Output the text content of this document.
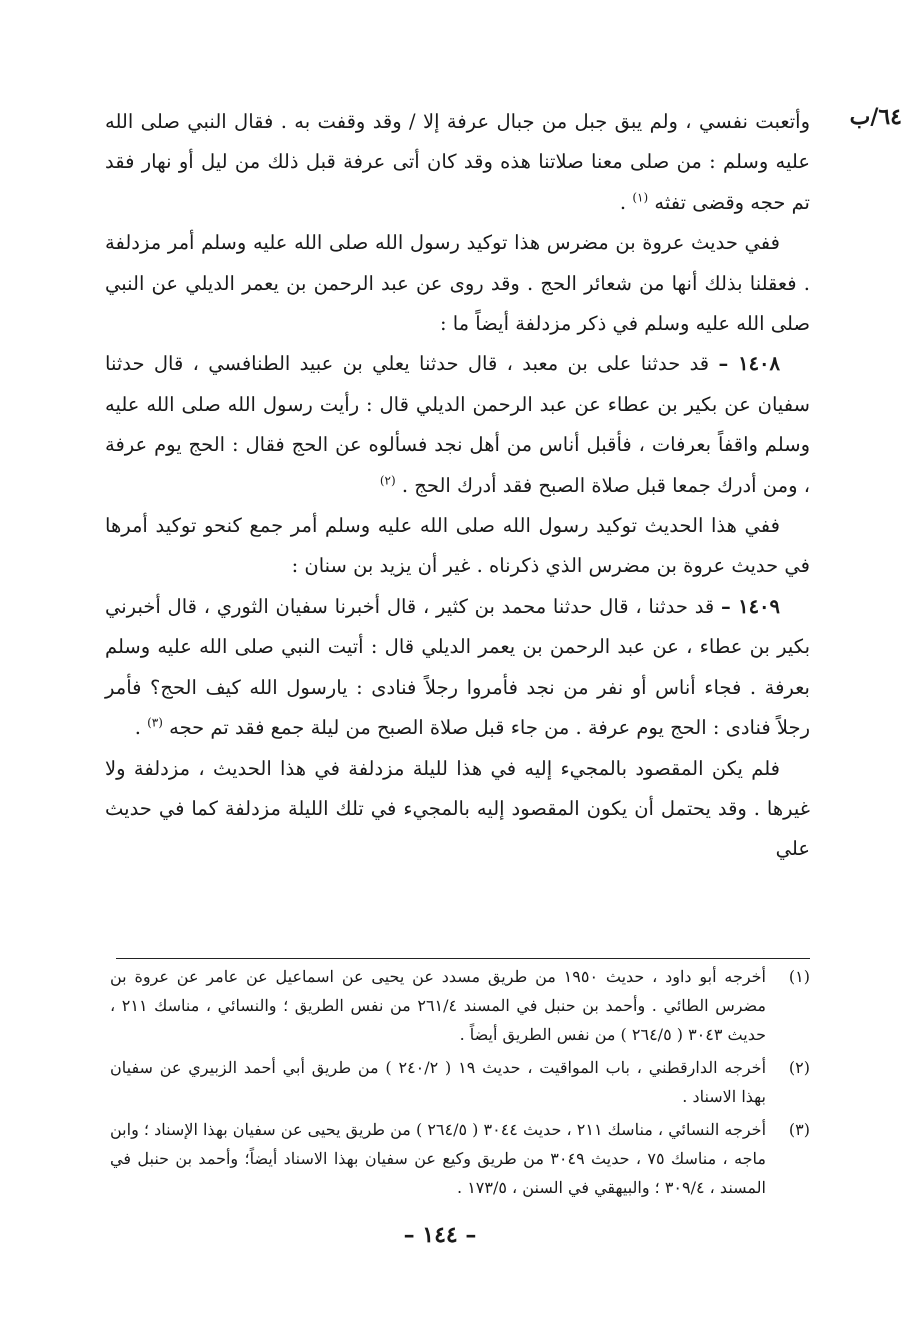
٦٤/ب

وأتعبت نفسي ، ولم يبق جبل من جبال عرفة إلا / وقد وقفت به . فقال النبي صلى الله عليه وسلم : من صلى معنا صلاتنا هذه وقد كان أتى عرفة قبل ذلك من ليل أو نهار فقد تم حجه وقضى تفثه $^{(١)}$ .

ففي حديث عروة بن مضرس هذا توكيد رسول الله صلى الله عليه وسلم أمر مزدلفة . فعقلنا بذلك أنها من شعائر الحج . وقد روى عن عبد الرحمن بن يعمر الديلي عن النبي صلى الله عليه وسلم في ذكر مزدلفة أيضاً ما :

١٤٠٨ – قد حدثنا على بن معبد ، قال حدثنا يعلي بن عبيد الطنافسي ، قال حدثنا سفيان عن بكير بن عطاء عن عبد الرحمن الديلي قال : رأيت رسول الله صلى الله عليه وسلم واقفاً بعرفات ، فأقبل أناس من أهل نجد فسألوه عن الحج فقال : الحج يوم عرفة ، ومن أدرك جمعا قبل صلاة الصبح فقد أدرك الحج . $^{(٢)}$

ففي هذا الحديث توكيد رسول الله صلى الله عليه وسلم أمر جمع كنحو توكيد أمرها في حديث عروة بن مضرس الذي ذكرناه . غير أن يزيد بن سنان :

١٤٠٩ – قد حدثنا ، قال حدثنا محمد بن كثير ، قال أخبرنا سفيان الثوري ، قال أخبرني بكير بن عطاء ، عن عبد الرحمن بن يعمر الديلي قال : أتيت النبي صلى الله عليه وسلم بعرفة . فجاء أناس أو نفر من نجد فأمروا رجلاً فنادى : يارسول الله كيف الحج؟ فأمر رجلاً فنادى : الحج يوم عرفة . من جاء قبل صلاة الصبح من ليلة جمع فقد تم حجه $^{(٣)}$ .

فلم يكن المقصود بالمجيء إليه في هذا لليلة مزدلفة في هذا الحديث ، مزدلفة ولا غيرها . وقد يحتمل أن يكون المقصود إليه بالمجيء في تلك الليلة مزدلفة كما في حديث علي

(١)
أخرجه أبو داود ، حديث ١٩٥٠ من طريق مسدد عن يحيى عن اسماعيل عن عامر عن عروة بن مضرس الطائي . وأحمد بن حنبل في المسند ٢٦١/٤ من نفس الطريق ؛ والنسائي ، مناسك ٢١١ ، حديث ٣٠٤٣ ( ٢٦٤/٥ ) من نفس الطريق أيضاً .
(٢)
أخرجه الدارقطني ، باب المواقيت ، حديث ١٩ ( ٢٤٠/٢ ) من طريق أبي أحمد الزبيري عن سفيان بهذا الاسناد .
(٣)
أخرجه النسائي ، مناسك ٢١١ ، حديث ٣٠٤٤ ( ٢٦٤/٥ ) من طريق يحيى عن سفيان بهذا الإسناد ؛ وابن ماجه ، مناسك ٧٥ ، حديث ٣٠٤٩ من طريق وكيع عن سفيان بهذا الاسناد أيضاً؛ وأحمد بن حنبل في المسند ، ٣٠٩/٤ ؛ والبيهقي في السنن ، ١٧٣/٥ .
– ١٤٤ –
